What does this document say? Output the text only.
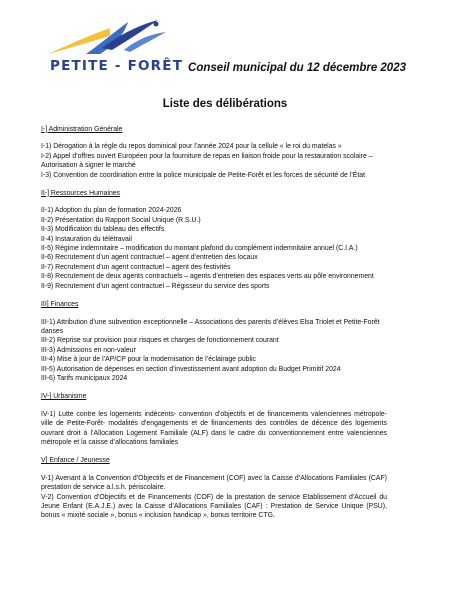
PETITE - FORÊT Conseil municipal du 12 décembre 2023
Liste des délibérations
I-] Administration Générale
I-1) Dérogation à la règle du repos dominical pour l’année 2024 pour la cellule « le roi du matelas »
I-2) Appel d’offres ouvert Européen pour la fourniture de repas en liaison froide pour la restauration scolaire – Autorisation à signer le marché
I-3) Convention de coordination entre la police municipale de Petite-Forêt et les forces de sécurité de l’État
II-] Ressources Humaines
II-1) Adoption du plan de formation 2024-2026
II-2) Présentation du Rapport Social Unique (R.S.U.)
II-3) Modification du tableau des effectifs
II-4) Instauration du télétravail
II-5) Régime indemnitaire – modification du montant plafond du complément indemnitaire annuel (C.I.A.)
II-6) Recrutement d’un agent contractuel – agent d’entretien des locaux
II-7) Recrutement d’un agent contractuel – agent des festivités
II-8) Recrutement de deux agents contractuels – agents d’entretien des espaces verts au pôle environnement
II-9) Recrutement d’un agent contractuel – Régisseur du service des sports
III] Finances
III-1) Attribution d’une subvention exceptionnelle – Associations des parents d’élèves Elsa Triolet et Petite-Forêt danses
III-2) Reprise sur provision pour risques et charges de fonctionnement courant
III-3) Admissions en non-valeur
III-4) Mise à jour de l’AP/CP pour la modernisation de l’éclairage public
III-5) Autorisation de dépenses en section d’investissement avant adoption du Budget Primitif 2024
III-6) Tarifs municipaux 2024
IV-] Urbanisme
IV-1) Lutte contre les logements indécents- convention d’objectifs et de financements valenciennes métropole-ville de Petite-Forêt- modalités d’engagements et de financements des contrôles de décence des logements ouvrant droit à l’Allocation Logement Familiale (ALF) dans le cadre du conventionnement entre valenciennes métropole et la caisse d’allocations familiales
V] Enfance / Jeunesse
V-1) Avenant à la Convention d’Objectifs et de Financement (COF) avec la Caisse d’Allocations Familiales (CAF) prestation de service a.l.s.h. périscolaire.
V-2) Convention d’Objectifs et de Financements (COF) de la prestation de service Etablissement d’Accueil du Jeune Enfant (E.A.J.E.) avec la Caisse d’Allocations Familiales (CAF) : Prestation de Service Unique (PSU), bonus « mixité sociale », bonus « inclusion handicap », bonus territoire CTG.
